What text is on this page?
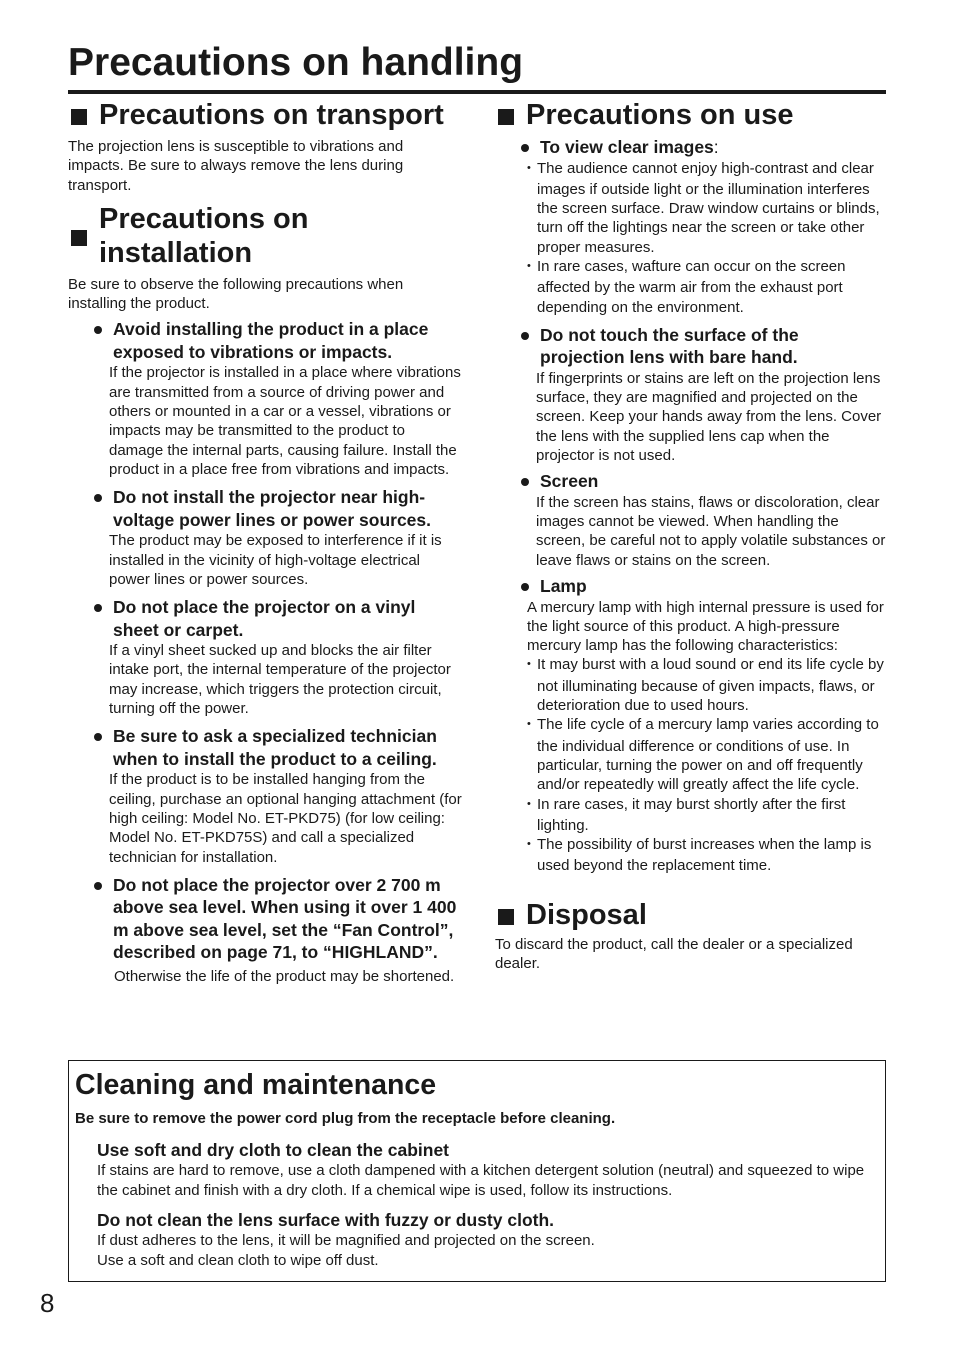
Precautions on handling
Precautions on transport

The projection lens is susceptible to vibrations and impacts. Be sure to always remove the lens during transport.

Precautions on installation

Be sure to observe the following precautions when installing the product.

Avoid installing the product in a place exposed to vibrations or impacts.

If the projector is installed in a place where vibrations are transmitted from a source of driving power and others or mounted in a car or a vessel, vibrations or impacts may be transmitted to the product to damage the internal parts, causing failure. Install the product in a place free from vibrations and impacts.

Do not install the projector near high-voltage power lines or power sources.

The product may be exposed to interference if it is installed in the vicinity of high-voltage electrical power lines or power sources.

Do not place the projector on a vinyl sheet or carpet.

If a vinyl sheet sucked up and blocks the air filter intake port, the internal temperature of the projector may increase, which triggers the protection circuit, turning off the power.

Be sure to ask a specialized technician when to install the product to a ceiling.

If the product is to be installed hanging from the ceiling, purchase an optional hanging attachment (for high ceiling: Model No. ET-PKD75) (for low ceiling: Model No. ET-PKD75S) and call a specialized technician for installation.

Do not place the projector over 2 700 m above sea level. When using it over 1 400 m above sea level, set the “Fan Control”, described on page 71, to “HIGHLAND”.

Otherwise the life of the product may be shortened.

Precautions on use

To view clear images :

• The audience cannot enjoy high-contrast and clear images if outside light or the illumination interferes the screen surface. Draw window curtains or blinds, turn off the lightings near the screen or take other proper measures.
• In rare cases, wafture can occur on the screen affected by the warm air from the exhaust port depending on the environment.

Do not touch the surface of the projection lens with bare hand.

If fingerprints or stains are left on the projection lens surface, they are magnified and projected on the screen. Keep your hands away from the lens. Cover the lens with the supplied lens cap when the projector is not used.

Screen

If the screen has stains, flaws or discoloration, clear images cannot be viewed. When handling the screen, be careful not to apply volatile substances or leave flaws or stains on the screen.

Lamp

A mercury lamp with high internal pressure is used for the light source of this product. A high-pressure mercury lamp has the following characteristics:

• It may burst with a loud sound or end its life cycle by not illuminating because of given impacts, flaws, or deterioration due to used hours.
• The life cycle of a mercury lamp varies according to the individual difference or conditions of use. In particular, turning the power on and off frequently and/or repeatedly will greatly affect the life cycle.
• In rare cases, it may burst shortly after the first lighting.
• The possibility of burst increases when the lamp is used beyond the replacement time.
Disposal

To discard the product, call the dealer or a specialized dealer.

Cleaning and maintenance

Be sure to remove the power cord plug from the receptacle before cleaning.

Use soft and dry cloth to clean the cabinet

If stains are hard to remove, use a cloth dampened with a kitchen detergent solution (neutral) and squeezed to wipe the cabinet and finish with a dry cloth. If a chemical wipe is used, follow its instructions.

Do not clean the lens surface with fuzzy or dusty cloth.

If dust adheres to the lens, it will be magnified and projected on the screen.

Use a soft and clean cloth to wipe off dust.

8
